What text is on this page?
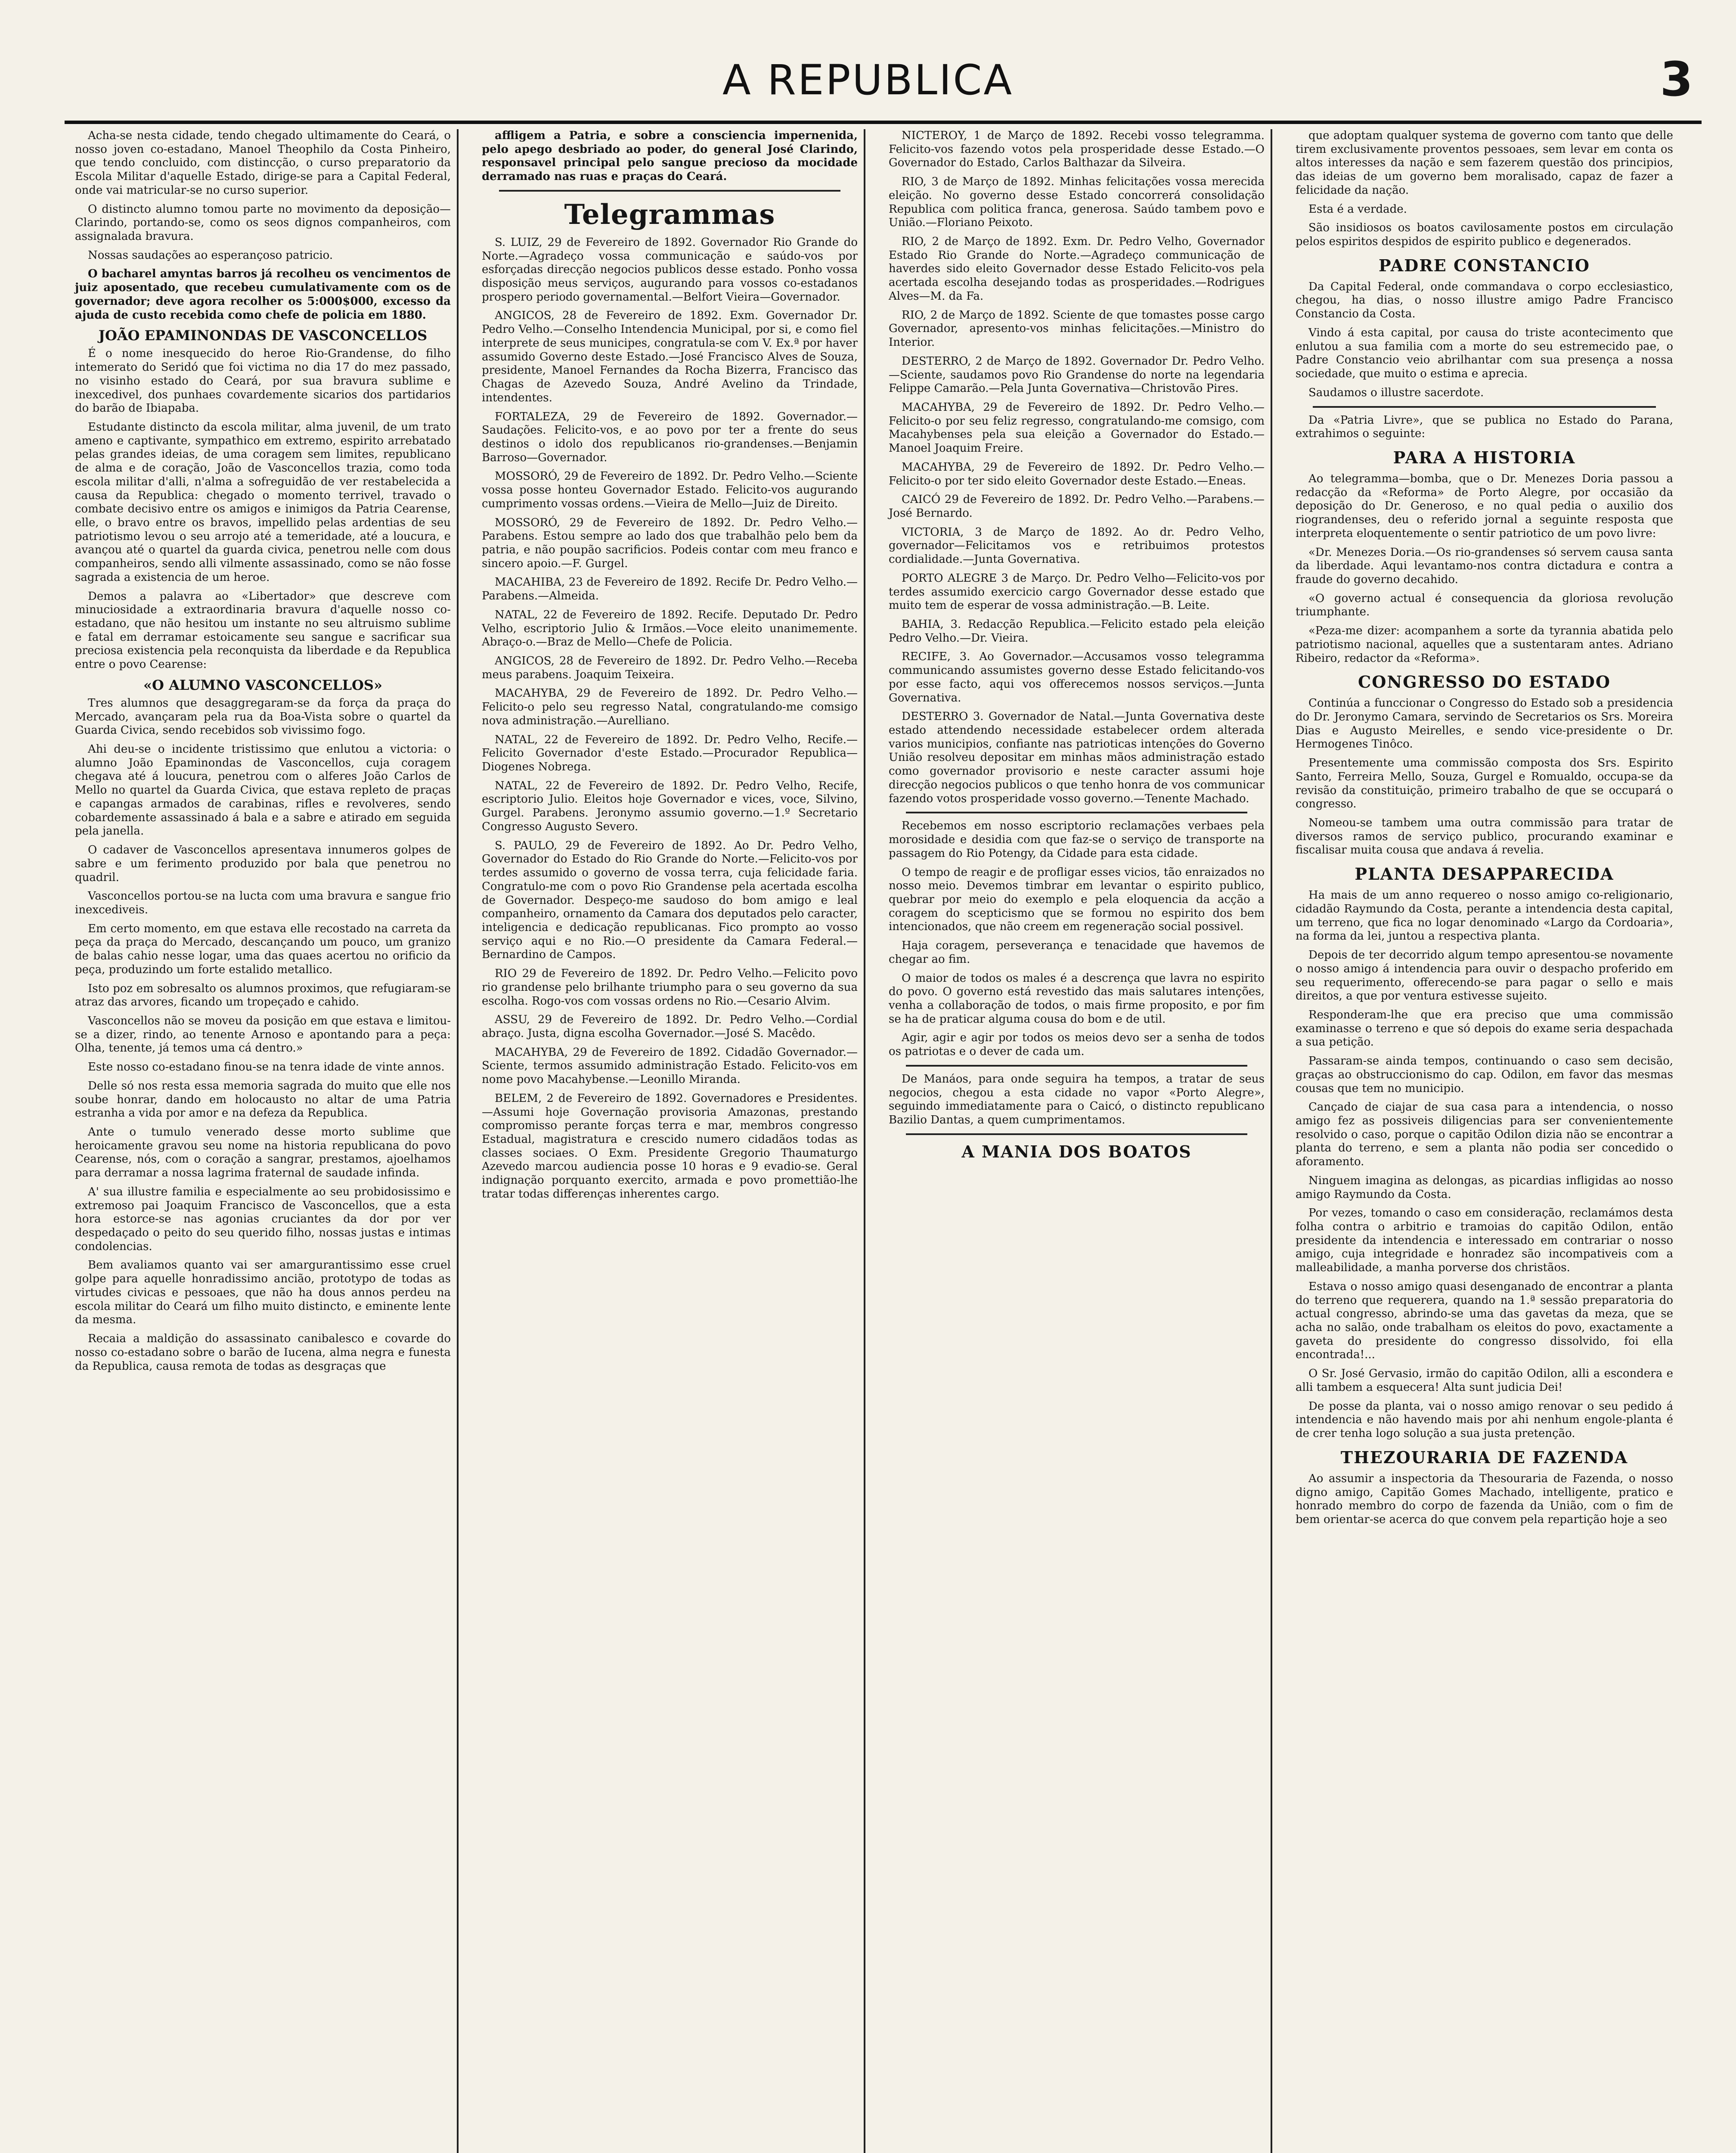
A REPUBLICA	3

Acha-se nesta cidade, tendo chegado ultimamente do Ceará, o nosso joven co-estadano, Manoel Theophilo da Costa Pinheiro, que tendo concluido, com distincção, o curso preparatorio da Escola Militar d'aquelle Estado, dirige-se para a Capital Federal, onde vai matricular-se no curso superior.

O distincto alumno tomou parte no movimento da deposição—Clarindo, portando-se, como os seos dignos companheiros, com assignalada bravura.

Nossas saudações ao esperançoso patricio.

O bacharel amyntas barros já recolheu os vencimentos de juiz aposentado, que recebeu cumulativamente com os de governador; deve agora recolher os 5:000$000, excesso da ajuda de custo recebida como chefe de policia em 1880.

JOÃO EPAMINONDAS DE VASCONCELLOS

É o nome inesquecido do heroe Rio-Grandense, do filho intemerato do Seridó que foi victima no dia 17 do mez passado, no visinho estado do Ceará, por sua bravura sublime e inexcedivel, dos punhaes covardemente sicarios dos partidarios do barão de Ibiapaba.

Estudante distincto da escola militar, alma juvenil, de um trato ameno e captivante, sympathico em extremo, espirito arrebatado pelas grandes ideias, de uma coragem sem limites, republicano de alma e de coração, João de Vasconcellos trazia, como toda escola militar d'alli, n'alma a sofreguidão de ver restabelecida a causa da Republica: chegado o momento terrivel, travado o combate decisivo entre os amigos e inimigos da Patria Cearense, elle, o bravo entre os bravos, impellido pelas ardentias de seu patriotismo levou o seu arrojo até a temeridade, até a loucura, e avançou até o quartel da guarda civica, penetrou nelle com dous companheiros, sendo alli vilmente assassinado, como se não fosse sagrada a existencia de um heroe.

Demos a palavra ao «Libertador» que descreve com minuciosidade a extraordinaria bravura d'aquelle nosso co-estadano, que não hesitou um instante no seu altruismo sublime e fatal em derramar estoicamente seu sangue e sacrificar sua preciosa existencia pela reconquista da liberdade e da Republica entre o povo Cearense:

«O ALUMNO VASCONCELLOS»

Tres alumnos que desaggregaram-se da força da praça do Mercado, avançaram pela rua da Boa-Vista sobre o quartel da Guarda Civica, sendo recebidos sob vivissimo fogo.

Ahi deu-se o incidente tristissimo que enlutou a victoria: o alumno João Epaminondas de Vasconcellos, cuja coragem chegava até á loucura, penetrou com o alferes João Carlos de Mello no quartel da Guarda Civica, que estava repleto de praças e capangas armados de carabinas, rifles e revolveres, sendo cobardemente assassinado á bala e a sabre e atirado em seguida pela janella.

O cadaver de Vasconcellos apresentava innumeros golpes de sabre e um ferimento produzido por bala que penetrou no quadril.

Vasconcellos portou-se na lucta com uma bravura e sangue frio inexcediveis.

Em certo momento, em que estava elle recostado na carreta da peça da praça do Mercado, descançando um pouco, um granizo de balas cahio nesse logar, uma das quaes acertou no orificio da peça, produzindo um forte estalido metallico.

Isto poz em sobresalto os alumnos proximos, que refugiaram-se atraz das arvores, ficando um tropeçado e cahido.

Vasconcellos não se moveu da posição em que estava e limitou-se a dizer, rindo, ao tenente Arnoso e apontando para a peça: Olha, tenente, já temos uma cá dentro.»

Este nosso co-estadano finou-se na tenra idade de vinte annos.

Delle só nos resta essa memoria sagrada do muito que elle nos soube honrar, dando em holocausto no altar de uma Patria estranha a vida por amor e na defeza da Republica.

Ante o tumulo venerado desse morto sublime que heroicamente gravou seu nome na historia republicana do povo Cearense, nós, com o coração a sangrar, prestamos, ajoelhamos para derramar a nossa lagrima fraternal de saudade infinda.

A' sua illustre familia e especialmente ao seu probidosissimo e extremoso pai Joaquim Francisco de Vasconcellos, que a esta hora estorce-se nas agonias cruciantes da dor por ver despedaçado o peito do seu querido filho, nossas justas e intimas condolencias.

Bem avaliamos quanto vai ser amargurantissimo esse cruel golpe para aquelle honradissimo ancião, prototypo de todas as virtudes civicas e pessoaes, que não ha dous annos perdeu na escola militar do Ceará um filho muito distincto, e eminente lente da mesma.

Recaia a maldição do assassinato canibalesco e covarde do nosso co-estadano sobre o barão de Iucena, alma negra e funesta da Republica, causa remota de todas as desgraças que

affligem a Patria, e sobre a consciencia impernenida, pelo apego desbriado ao poder, do general José Clarindo, responsavel principal pelo sangue precioso da mocidade derramado nas ruas e praças do Ceará.

Telegrammas

S. LUIZ, 29 de Fevereiro de 1892. Governador Rio Grande do Norte.—Agradeço vossa communicação e saúdo-vos por esforçadas direcção negocios publicos desse estado. Ponho vossa disposição meus serviços, augurando para vossos co-estadanos prospero periodo governamental.—Belfort Vieira—Governador.

ANGICOS, 28 de Fevereiro de 1892. Exm. Governador Dr. Pedro Velho.—Conselho Intendencia Municipal, por si, e como fiel interprete de seus municipes, congratula-se com V. Ex.ª por haver assumido Governo deste Estado.—José Francisco Alves de Souza, presidente, Manoel Fernandes da Rocha Bizerra, Francisco das Chagas de Azevedo Souza, André Avelino da Trindade, intendentes.

FORTALEZA, 29 de Fevereiro de 1892. Governador.—Saudações. Felicito-vos, e ao povo por ter a frente do seus destinos o idolo dos republicanos rio-grandenses.—Benjamin Barroso—Governador.

MOSSORÓ, 29 de Fevereiro de 1892. Dr. Pedro Velho.—Sciente vossa posse honteu Governador Estado. Felicito-vos augurando cumprimento vossas ordens.—Vieira de Mello—Juiz de Direito.

MOSSORÓ, 29 de Fevereiro de 1892. Dr. Pedro Velho.—Parabens. Estou sempre ao lado dos que trabalhão pelo bem da patria, e não poupão sacrificios. Podeis contar com meu franco e sincero apoio.—F. Gurgel.

MACAHIBA, 23 de Fevereiro de 1892. Recife Dr. Pedro Velho.—Parabens.—Almeida.

NATAL, 22 de Fevereiro de 1892. Recife. Deputado Dr. Pedro Velho, escriptorio Julio & Irmãos.—Voce eleito unanimemente. Abraço-o.—Braz de Mello—Chefe de Policia.

ANGICOS, 28 de Fevereiro de 1892. Dr. Pedro Velho.—Receba meus parabens. Joaquim Teixeira.

MACAHYBA, 29 de Fevereiro de 1892. Dr. Pedro Velho.—Felicito-o pelo seu regresso Natal, congratulando-me comsigo nova administração.—Aurelliano.

NATAL, 22 de Fevereiro de 1892. Dr. Pedro Velho, Recife.—Felicito Governador d'este Estado.—Procurador Republica—Diogenes Nobrega.

NATAL, 22 de Fevereiro de 1892. Dr. Pedro Velho, Recife, escriptorio Julio. Eleitos hoje Governador e vices, voce, Silvino, Gurgel. Parabens. Jeronymo assumio governo.—1.º Secretario Congresso Augusto Severo.

S. PAULO, 29 de Fevereiro de 1892. Ao Dr. Pedro Velho, Governador do Estado do Rio Grande do Norte.—Felicito-vos por terdes assumido o governo de vossa terra, cuja felicidade faria. Congratulo-me com o povo Rio Grandense pela acertada escolha de Governador. Despeço-me saudoso do bom amigo e leal companheiro, ornamento da Camara dos deputados pelo caracter, inteligencia e dedicação republicanas. Fico prompto ao vosso serviço aqui e no Rio.—O presidente da Camara Federal.—Bernardino de Campos.

RIO 29 de Fevereiro de 1892. Dr. Pedro Velho.—Felicito povo rio grandense pelo brilhante triumpho para o seu governo da sua escolha. Rogo-vos com vossas ordens no Rio.—Cesario Alvim.

ASSU, 29 de Fevereiro de 1892. Dr. Pedro Velho.—Cordial abraço. Justa, digna escolha Governador.—José S. Macêdo.

MACAHYBA, 29 de Fevereiro de 1892. Cidadão Governador.—Sciente, termos assumido administração Estado. Felicito-vos em nome povo Macahybense.—Leonillo Miranda.

BELEM, 2 de Fevereiro de 1892. Governadores e Presidentes.—Assumi hoje Governação provisoria Amazonas, prestando compromisso perante forças terra e mar, membros congresso Estadual, magistratura e crescido numero cidadãos todas as classes sociaes. O Exm. Presidente Gregorio Thaumaturgo Azevedo marcou audiencia posse 10 horas e 9 evadio-se. Geral indignação porquanto exercito, armada e povo promettião-lhe tratar todas differenças inherentes cargo.

NICTEROY, 1 de Março de 1892. Recebi vosso telegramma. Felicito-vos fazendo votos pela prosperidade desse Estado.—O Governador do Estado, Carlos Balthazar da Silveira.

RIO, 3 de Março de 1892. Minhas felicitações vossa merecida eleição. No governo desse Estado concorrerá consolidação Republica com politica franca, generosa. Saúdo tambem povo e União.—Floriano Peixoto.

RIO, 2 de Março de 1892. Exm. Dr. Pedro Velho, Governador Estado Rio Grande do Norte.—Agradeço communicação de haverdes sido eleito Governador desse Estado Felicito-vos pela acertada escolha desejando todas as prosperidades.—Rodrigues Alves—M. da Fa.

RIO, 2 de Março de 1892. Sciente de que tomastes posse cargo Governador, apresento-vos minhas felicitações.—Ministro do Interior.

DESTERRO, 2 de Março de 1892. Governador Dr. Pedro Velho.—Sciente, saudamos povo Rio Grandense do norte na legendaria Felippe Camarão.—Pela Junta Governativa—Christovão Pires.

MACAHYBA, 29 de Fevereiro de 1892. Dr. Pedro Velho.—Felicito-o por seu feliz regresso, congratulando-me comsigo, com Macahybenses pela sua eleição a Governador do Estado.—Manoel Joaquim Freire.

MACAHYBA, 29 de Fevereiro de 1892. Dr. Pedro Velho.—Felicito-o por ter sido eleito Governador deste Estado.—Eneas.

CAICÓ 29 de Fevereiro de 1892. Dr. Pedro Velho.—Parabens.—José Bernardo.

VICTORIA, 3 de Março de 1892. Ao dr. Pedro Velho, governador—Felicitamos vos e retribuimos protestos cordialidade.—Junta Governativa.

PORTO ALEGRE 3 de Março. Dr. Pedro Velho—Felicito-vos por terdes assumido exercicio cargo Governador desse estado que muito tem de esperar de vossa administração.—B. Leite.

BAHIA, 3. Redacção Republica.—Felicito estado pela eleição Pedro Velho.—Dr. Vieira.

RECIFE, 3. Ao Governador.—Accusamos vosso telegramma communicando assumistes governo desse Estado felicitando-vos por esse facto, aqui vos offerecemos nossos serviços.—Junta Governativa.

DESTERRO 3. Governador de Natal.—Junta Governativa deste estado attendendo necessidade estabelecer ordem alterada varios municipios, confiante nas patrioticas intenções do Governo União resolveu depositar em minhas mãos administração estado como governador provisorio e neste caracter assumi hoje direcção negocios publicos o que tenho honra de vos communicar fazendo votos prosperidade vosso governo.—Tenente Machado.

Recebemos em nosso escriptorio reclamações verbaes pela morosidade e desidia com que faz-se o serviço de transporte na passagem do Rio Potengy, da Cidade para esta cidade.

O tempo de reagir e de profligar esses vicios, tão enraizados no nosso meio. Devemos timbrar em levantar o espirito publico, quebrar por meio do exemplo e pela eloquencia da acção a coragem do scepticismo que se formou no espirito dos bem intencionados, que não creem em regeneração social possivel.

Haja coragem, perseverança e tenacidade que havemos de chegar ao fim.

O maior de todos os males é a descrença que lavra no espirito do povo. O governo está revestido das mais salutares intenções, venha a collaboração de todos, o mais firme proposito, e por fim se ha de praticar alguma cousa do bom e de util.

Agir, agir e agir por todos os meios devo ser a senha de todos os patriotas e o dever de cada um.

De Manáos, para onde seguira ha tempos, a tratar de seus negocios, chegou a esta cidade no vapor «Porto Alegre», seguindo immediatamente para o Caicó, o distincto republicano Bazilio Dantas, a quem cumprimentamos.

A MANIA DOS BOATOS

que adoptam qualquer systema de governo com tanto que delle tirem exclusivamente proventos pessoaes, sem levar em conta os altos interesses da nação e sem fazerem questão dos principios, das ideias de um governo bem moralisado, capaz de fazer a felicidade da nação.

Esta é a verdade.

São insidiosos os boatos cavilosamente postos em circulação pelos espiritos despidos de espirito publico e degenerados.

PADRE CONSTANCIO

Da Capital Federal, onde commandava o corpo ecclesiastico, chegou, ha dias, o nosso illustre amigo Padre Francisco Constancio da Costa.

Vindo á esta capital, por causa do triste acontecimento que enlutou a sua familia com a morte do seu estremecido pae, o Padre Constancio veio abrilhantar com sua presença a nossa sociedade, que muito o estima e aprecia.

Saudamos o illustre sacerdote.

Da «Patria Livre», que se publica no Estado do Parana, extrahimos o seguinte:

PARA A HISTORIA

Ao telegramma—bomba, que o Dr. Menezes Doria passou a redacção da «Reforma» de Porto Alegre, por occasião da deposição do Dr. Generoso, e no qual pedia o auxilio dos riograndenses, deu o referido jornal a seguinte resposta que interpreta eloquentemente o sentir patriotico de um povo livre:

«Dr. Menezes Doria.—Os rio-grandenses só servem causa santa da liberdade. Aqui levantamo-nos contra dictadura e contra a fraude do governo decahido.

«O governo actual é consequencia da gloriosa revolução triumphante.

«Peza-me dizer: acompanhem a sorte da tyrannia abatida pelo patriotismo nacional, aquelles que a sustentaram antes. Adriano Ribeiro, redactor da «Reforma».

CONGRESSO DO ESTADO

Continúa a funccionar o Congresso do Estado sob a presidencia do Dr. Jeronymo Camara, servindo de Secretarios os Srs. Moreira Dias e Augusto Meirelles, e sendo vice-presidente o Dr. Hermogenes Tinôco.

Presentemente uma commissão composta dos Srs. Espirito Santo, Ferreira Mello, Souza, Gurgel e Romualdo, occupa-se da revisão da constituição, primeiro trabalho de que se occupará o congresso.

Nomeou-se tambem uma outra commissão para tratar de diversos ramos de serviço publico, procurando examinar e fiscalisar muita cousa que andava á revelia.

PLANTA DESAPPARECIDA

Ha mais de um anno requereo o nosso amigo co-religionario, cidadão Raymundo da Costa, perante a intendencia desta capital, um terreno, que fica no logar denominado «Largo da Cordoaria», na forma da lei, juntou a respectiva planta.

Depois de ter decorrido algum tempo apresentou-se novamente o nosso amigo á intendencia para ouvir o despacho proferido em seu requerimento, offerecendo-se para pagar o sello e mais direitos, a que por ventura estivesse sujeito.

Responderam-lhe que era preciso que uma commissão examinasse o terreno e que só depois do exame seria despachada a sua petição.

Passaram-se ainda tempos, continuando o caso sem decisão, graças ao obstruccionismo do cap. Odilon, em favor das mesmas cousas que tem no municipio.

Cançado de ciajar de sua casa para a intendencia, o nosso amigo fez as possiveis diligencias para ser convenientemente resolvido o caso, porque o capitão Odilon dizia não se encontrar a planta do terreno, e sem a planta não podia ser concedido o aforamento.

Ninguem imagina as delongas, as picardias infligidas ao nosso amigo Raymundo da Costa.

Por vezes, tomando o caso em consideração, reclamámos desta folha contra o arbitrio e tramoias do capitão Odilon, então presidente da intendencia e interessado em contrariar o nosso amigo, cuja integridade e honradez são incompativeis com a malleabilidade, a manha porverse dos christãos.

Estava o nosso amigo quasi desenganado de encontrar a planta do terreno que requerera, quando na 1.ª sessão preparatoria do actual congresso, abrindo-se uma das gavetas da meza, que se acha no salão, onde trabalham os eleitos do povo, exactamente a gaveta do presidente do congresso dissolvido, foi ella encontrada!...

O Sr. José Gervasio, irmão do capitão Odilon, alli a escondera e alli tambem a esquecera! Alta sunt judicia Dei!

De posse da planta, vai o nosso amigo renovar o seu pedido á intendencia e não havendo mais por ahi nenhum engole-planta é de crer tenha logo solução a sua justa pretenção.

THEZOURARIA DE FAZENDA

Ao assumir a inspectoria da Thesouraria de Fazenda, o nosso digno amigo, Capitão Gomes Machado, intelligente, pratico e honrado membro do corpo de fazenda da União, com o fim de bem orientar-se acerca do que convem pela repartição hoje a seo
